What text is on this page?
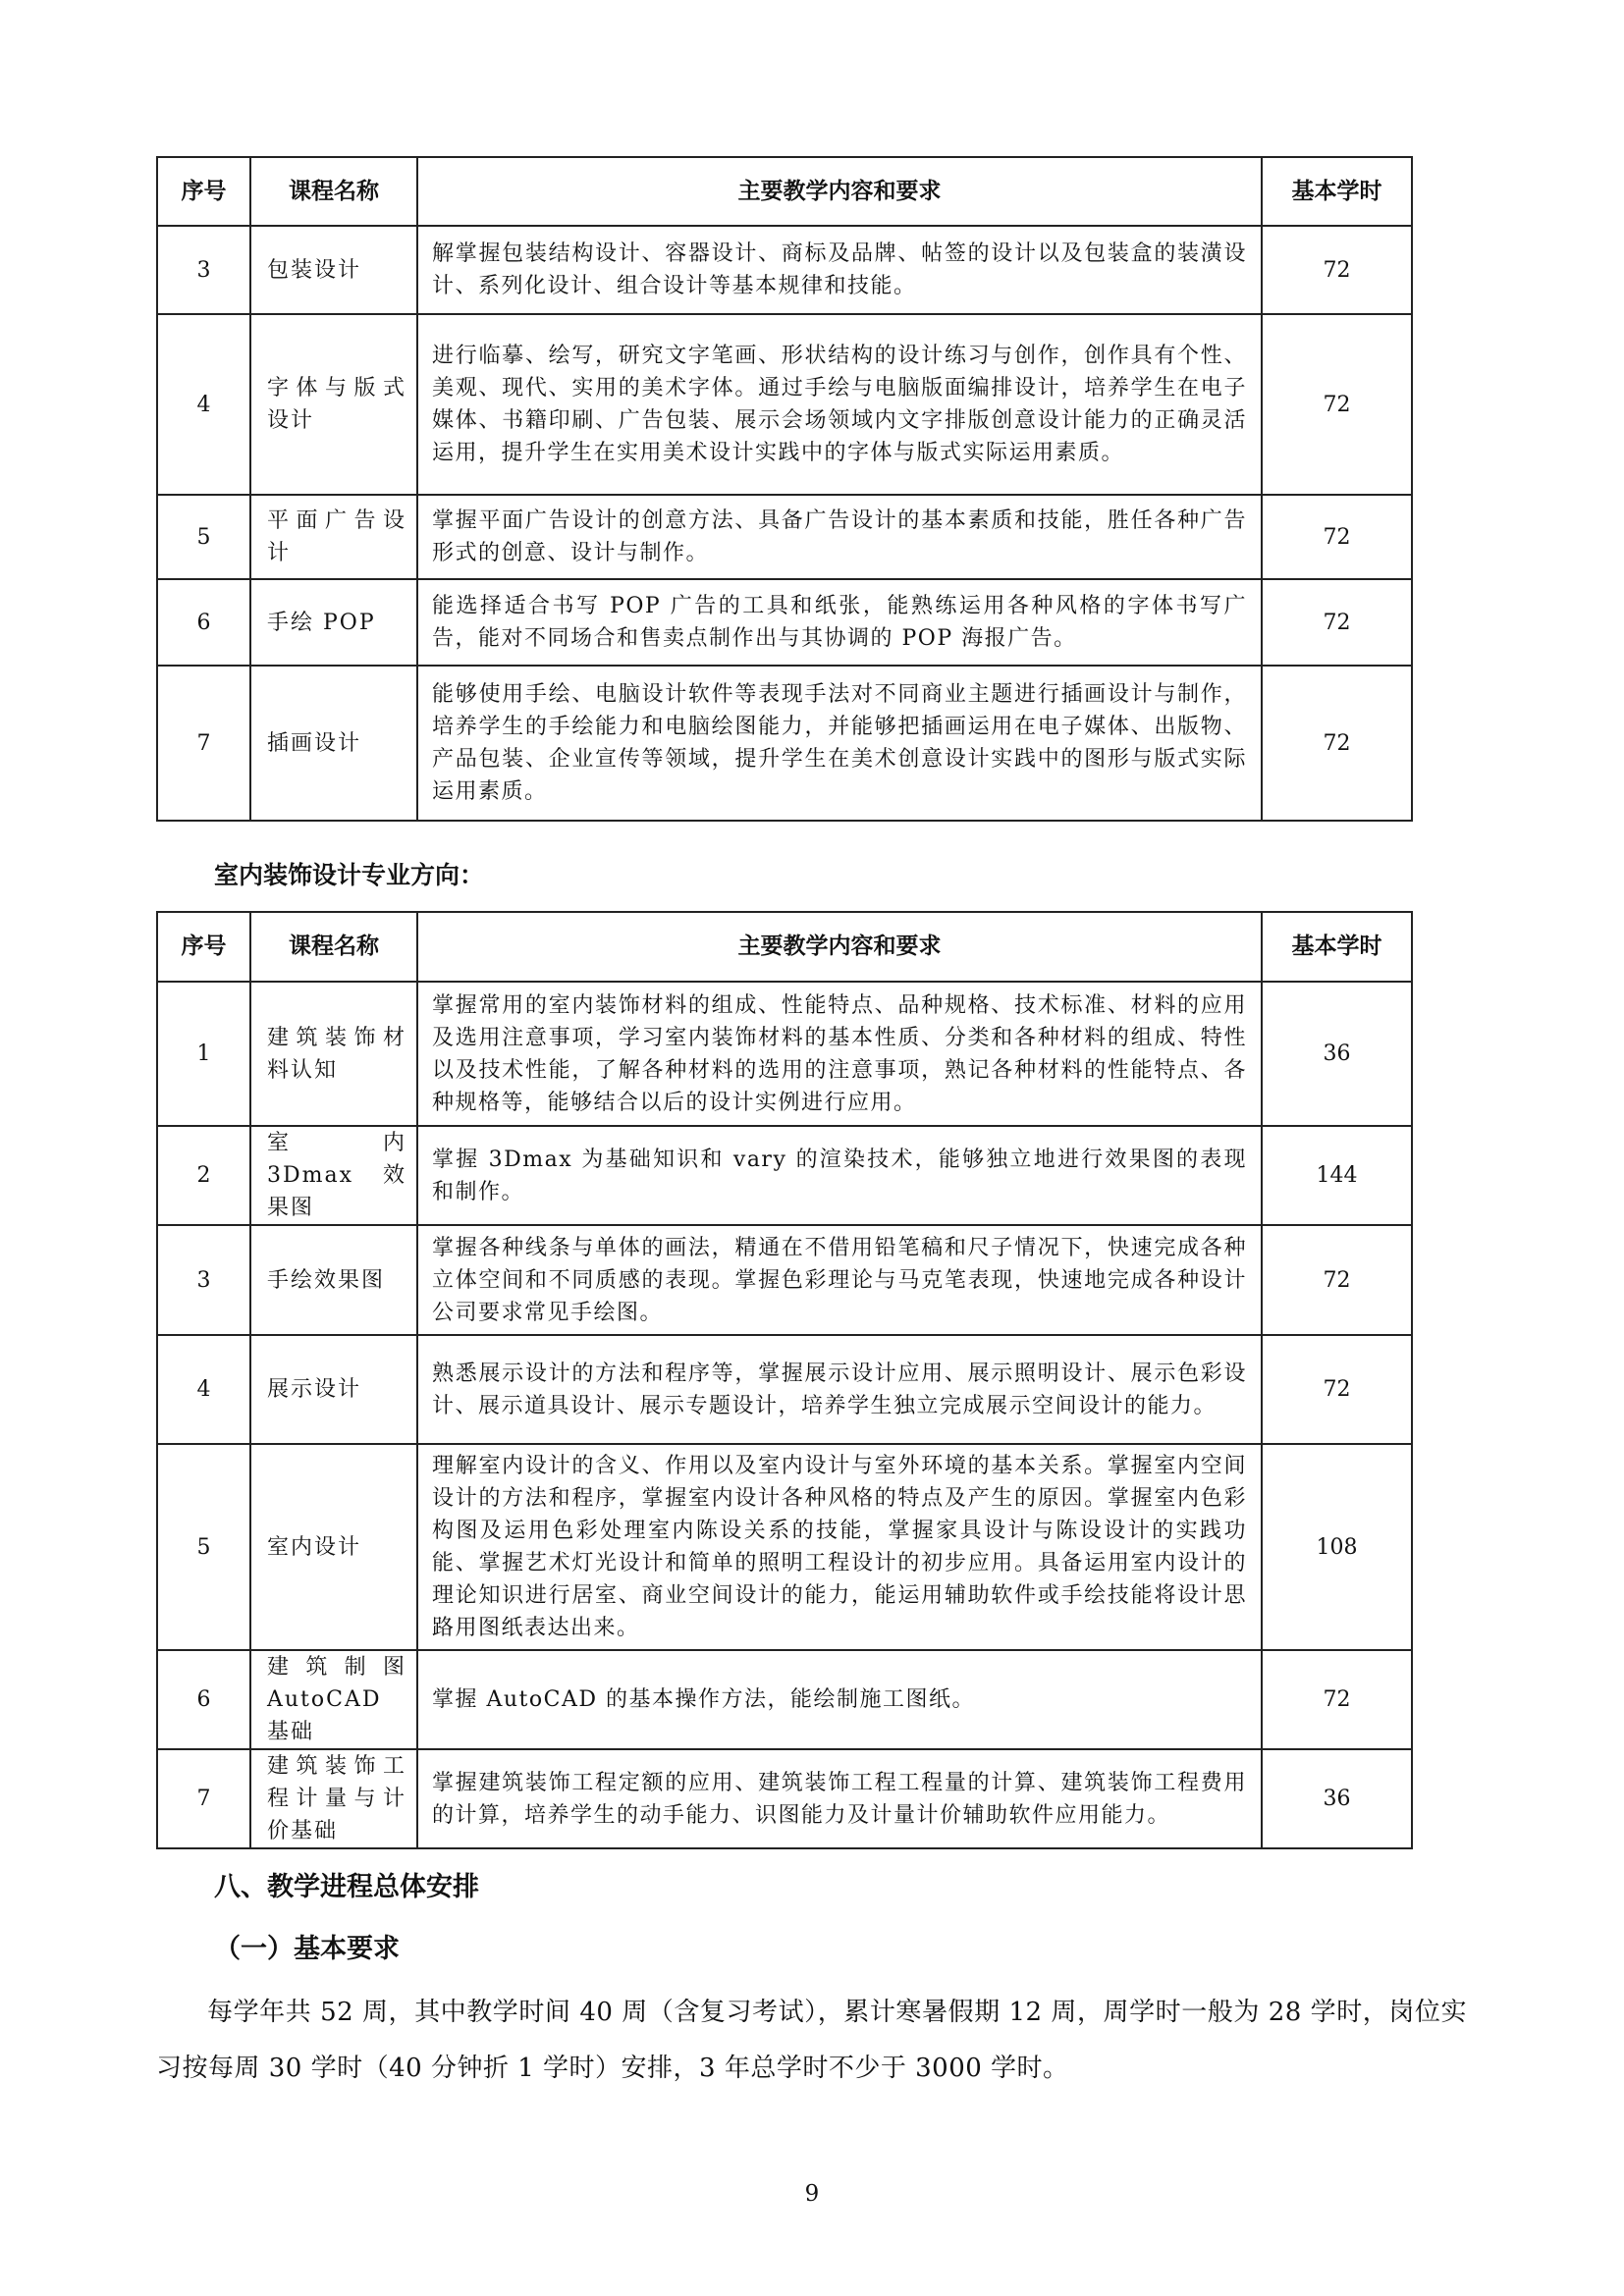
序号	课程名称	主要教学内容和要求	基本学时
3	包装设计	解掌握包装结构设计、容器设计、商标及品牌、帖签的设计以及包装盒的装潢设计、系列化设计、组合设计等基本规律和技能。	72
4	字体与版式设计	进行临摹、绘写，研究文字笔画、形状结构的设计练习与创作，创作具有个性、美观、现代、实用的美术字体。通过手绘与电脑版面编排设计，培养学生在电子媒体、书籍印刷、广告包装、展示会场领域内文字排版创意设计能力的正确灵活运用，提升学生在实用美术设计实践中的字体与版式实际运用素质。	72
5	平面广告设计	掌握平面广告设计的创意方法、具备广告设计的基本素质和技能，胜任各种广告形式的创意、设计与制作。	72
6	手绘 POP	能选择适合书写 POP 广告的工具和纸张，能熟练运用各种风格的字体书写广告，能对不同场合和售卖点制作出与其协调的 POP 海报广告。	72
7	插画设计	能够使用手绘、电脑设计软件等表现手法对不同商业主题进行插画设计与制作，培养学生的手绘能力和电脑绘图能力，并能够把插画运用在电子媒体、出版物、产品包装、企业宣传等领域，提升学生在美术创意设计实践中的图形与版式实际运用素质。	72
室内装饰设计专业方向：
序号	课程名称	主要教学内容和要求	基本学时
1	建筑装饰材料认知	掌握常用的室内装饰材料的组成、性能特点、品种规格、技术标准、材料的应用及选用注意事项，学习室内装饰材料的基本性质、分类和各种材料的组成、特性以及技术性能，了解各种材料的选用的注意事项，熟记各种材料的性能特点、各种规格等，能够结合以后的设计实例进行应用。	36
2	室内 3Dmax 效果图	掌握 3Dmax 为基础知识和 vary 的渲染技术，能够独立地进行效果图的表现和制作。	144
3	手绘效果图	掌握各种线条与单体的画法，精通在不借用铅笔稿和尺子情况下，快速完成各种立体空间和不同质感的表现。掌握色彩理论与马克笔表现，快速地完成各种设计公司要求常见手绘图。	72
4	展示设计	熟悉展示设计的方法和程序等，掌握展示设计应用、展示照明设计、展示色彩设计、展示道具设计、展示专题设计，培养学生独立完成展示空间设计的能力。	72
5	室内设计	理解室内设计的含义、作用以及室内设计与室外环境的基本关系。掌握室内空间设计的方法和程序，掌握室内设计各种风格的特点及产生的原因。掌握室内色彩构图及运用色彩处理室内陈设关系的技能，掌握家具设计与陈设设计的实践功能、掌握艺术灯光设计和简单的照明工程设计的初步应用。具备运用室内设计的理论知识进行居室、商业空间设计的能力，能运用辅助软件或手绘技能将设计思路用图纸表达出来。	108
6	建筑制图 AutoCAD 基础	掌握 AutoCAD 的基本操作方法，能绘制施工图纸。	72
7	建筑装饰工程计量与计价基础	掌握建筑装饰工程定额的应用、建筑装饰工程工程量的计算、建筑装饰工程费用的计算，培养学生的动手能力、识图能力及计量计价辅助软件应用能力。	36
八、教学进程总体安排
（一）基本要求
每学年共 52 周，其中教学时间 40 周（含复习考试），累计寒暑假期 12 周，周学时一般为 28 学时，岗位实习按每周 30 学时（40 分钟折 1 学时）安排，3 年总学时不少于 3000 学时。
9
